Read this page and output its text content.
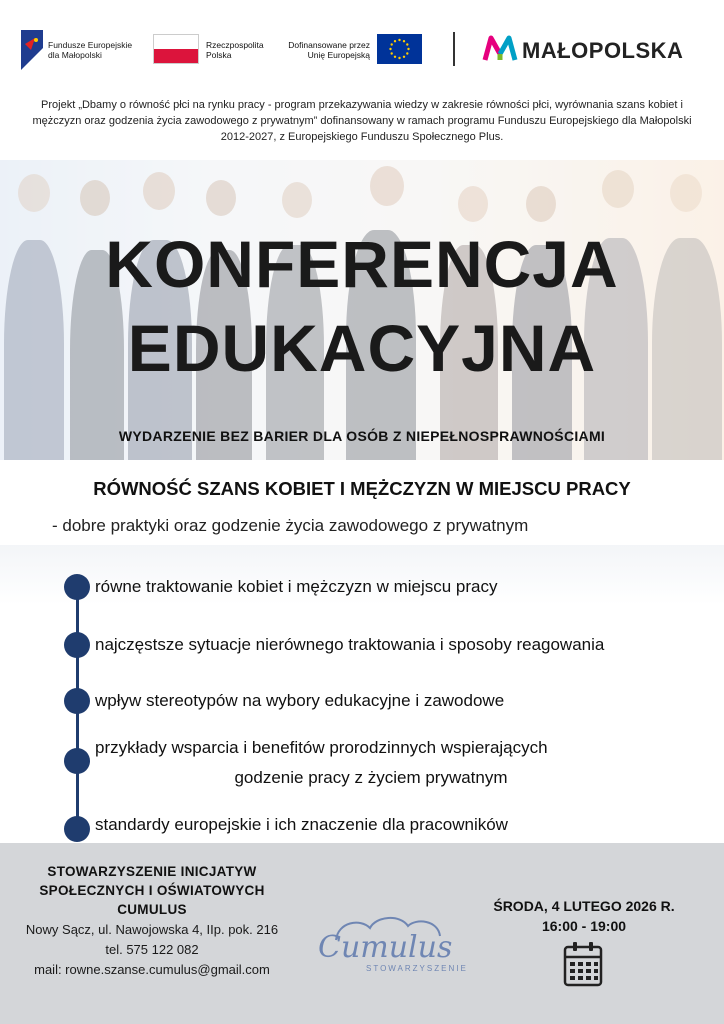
Fundusze Europejskie
dla Małopolski
Rzeczpospolita
Polska
Dofinansowane przez
Unię Europejską	MAŁOPOLSKA
Projekt „Dbamy o równość płci na rynku pracy - program przekazywania wiedzy w zakresie równości płci, wyrównania szans kobiet i mężczyzn oraz godzenia życia zawodowego z prywatnym” dofinansowany w ramach programu Funduszu Europejskiego dla Małopolski 2012-2027, z Europejskiego Funduszu Społecznego Plus.
KONFERENCJA
EDUKACYJNA
WYDARZENIE BEZ BARIER DLA OSÓB Z NIEPEŁNOSPRAWNOŚCIAMI
RÓWNOŚĆ SZANS KOBIET I MĘŻCZYZN W MIEJSCU PRACY
- dobre praktyki oraz godzenie życia zawodowego z prywatnym
równe traktowanie kobiet i mężczyzn w miejscu pracy
najczęstsze sytuacje nierównego traktowania i sposoby reagowania
wpływ stereotypów na wybory edukacyjne i zawodowe
przykłady wsparcia i benefitów prorodzinnych wspierających
godzenie pracy z życiem prywatnym
standardy europejskie i ich znaczenie dla pracowników
STOWARZYSZENIE INICJATYW
SPOŁECZNYCH I OŚWIATOWYCH
CUMULUS
Nowy Sącz, ul. Nawojowska 4, IIp. pok. 216
tel. 575 122 082
mail: rowne.szanse.cumulus@gmail.com
Cumulus
STOWARZYSZENIE
ŚRODA, 4 LUTEGO 2026 R.
16:00 - 19:00
